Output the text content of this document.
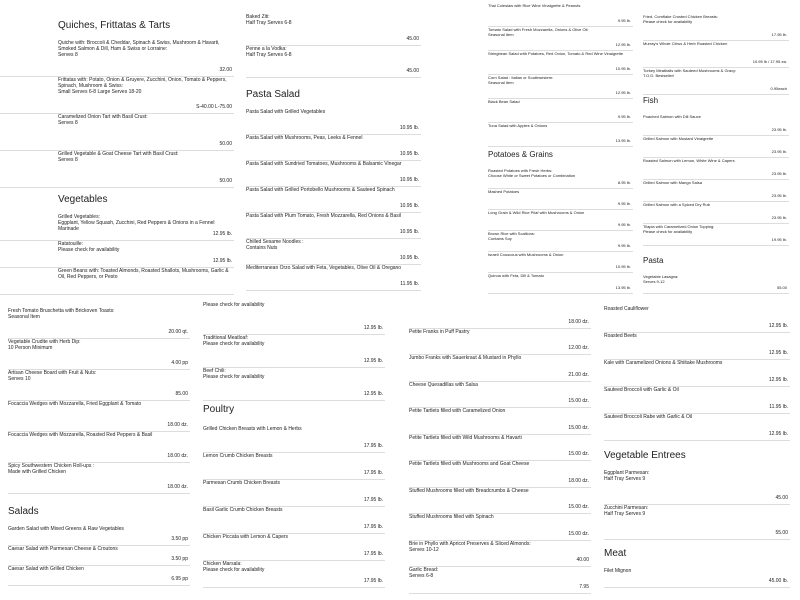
Quiches, Frittatas & Tarts
Quiche with: Broccoli & Cheddar, Spinach & Swiss, Mushroom & Havarti,
Smoked Salmon & Dill, Ham & Swiss or Lorraine:
Serves 8
32.00
Frittatas with: Potato, Onion & Gruyere, Zucchini, Onion, Tomato & Peppers,
Spinach, Mushroom & Swiss:
Small Serves 6-8 Large Serves 18-20
S-40.00 L-75.00
Caramelized Onion Tart with Basil Crust:
Serves 8
50.00
Grilled Vegetable & Goat Cheese Tart with Basil Crust:
Serves 8
50.00
Vegetables
Grilled Vegetables:
Eggplant, Yellow Squash, Zucchini, Red Peppers & Onions in a Fennel
Marinade
12.95 lb.
Ratatouille:
Please check for availability
12.95 lb.
Green Beans with: Toasted Almonds, Roasted Shallots, Mushrooms, Garlic &
Oil, Red Peppers, or Pesto
Baked Ziti:
Half Tray Serves 6-8
45.00
Penne a la Vodka:
Half Tray Serves 6-8
45.00
Pasta Salad
Pasta Salad with Grilled Vegetables
10.95 lb.
Pasta Salad with Mushrooms, Peas, Leeks & Fennel
10.95 lb.
Pasta Salad with Sundried Tomatoes, Mushrooms & Balsamic Vinegar
10.95 lb.
Pasta Salad with Grilled Portobello Mushrooms & Sauteed Spinach
10.95 lb.
Pasta Salad with Plum Tomato, Fresh Mozzarella, Red Onions & Basil
10.95 lb.
Chilled Sesame Noodles :
Contains Nuts
10.95 lb.
Mediterranean Orzo Salad with Feta, Vegetables, Olive Oil & Oregano
11.95 lb.
Thai Coleslaw with Rice Wine Vinaigrette & Peanuts
9.95 lb.
Tomato Salad with Fresh Mozzarella, Onions & Olive Oil:
Seasonal Item
12.95 lb.
Stringbean Salad with Potatoes, Red Onion, Tomato & Red Wine Vinaigrette
10.95 lb.
Corn Salad : Italian or Southwestern:
Seasonal Item
12.95 lb.
Black Bean Salad
9.95 lb.
Tuna Salad with Apples & Onions
13.95 lb.
Potatoes & Grains
Roasted Potatoes with Fresh Herbs:
Choose White or Sweet Potatoes or Combination
8.95 lb.
Mashed Potatoes
9.95 lb.
Long Grain & Wild Rice Pilaf with Mushrooms & Onion
9.95 lb.
Brown Rice with Scallions:
Contains Soy
9.95 lb.
Israeli Couscous with Mushrooms & Onion
10.95 lb.
Quinoa with Feta, Dill & Tomato
13.95 lb.
Fried, Cornflake Crusted Chicken Breasts:
Please check for availability
17.95 lb.
Murray's Whole Citrus & Herb Roasted Chicken
10.95 lb / 17.95 ea.
Turkey Meatballs with Sauteed Mushrooms & Gravy:
T.O.D. Bestseller!
0.95each
Fish
Poached Salmon with Dill Sauce
23.95 lb.
Grilled Salmon with Mustard Vinaigrette
23.95 lb.
Roasted Salmon with Lemon, White Wine & Capers
23.95 lb.
Grilled Salmon with Mango Salsa
23.95 lb.
Grilled Salmon with a Spiced Dry Rub
23.95 lb.
Tilapia with Caramelized Onion Topping:
Please check for availability
19.95 lb.
Pasta
Vegetable Lasagna:
Serves 9-12
55.00
Fresh Tomato Bruschetta with Brickoven Toasts:
Seasonal Item
20.00 qt.
Vegetable Crudite with Herb Dip:
10 Person Minimum
4.00 pp
Artisan Cheese Board with Fruit & Nuts:
Serves 10
85.00
Focaccia Wedges with Mozzarella, Fried Eggplant & Tomato
18.00 dz.
Focaccia Wedges with Mozzarella, Roasted Red Peppers & Basil
18.00 dz.
Spicy Southwestern Chicken Roll-ups :
Made with Grilled Chicken
18.00 dz.
Salads
Garden Salad with Mixed Greens & Raw Vegetables
3.50 pp
Caesar Salad with Parmesan Cheese & Croutons
3.50 pp
Caesar Salad with Grilled Chicken
6.95 pp
Please check for availability
12.95 lb.
Traditional Meatloaf:
Please check for availability
12.95 lb.
Beef Chili:
Please check for availability
12.95 lb.
Poultry
Grilled Chicken Breasts with Lemon & Herbs
17.95 lb.
Lemon Crumb Chicken Breasts
17.95 lb.
Parmesan Crumb Chicken Breasts
17.95 lb.
Basil Garlic Crumb Chicken Breasts
17.95 lb.
Chicken Piccata with Lemon & Capers
17.95 lb.
Chicken Marsala:
Please check for availability
17.95 lb.
18.00 dz.
Petite Franks in Puff Pastry
12.00 dz.
Jumbo Franks with Sauerkraut & Mustard in Phyllo
21.00 dz.
Cheese Quesadillas with Salsa
15.00 dz.
Petite Tartlets filled with Caramelized Onion
15.00 dz.
Petite Tartlets filled with Wild Mushrooms & Havarti
15.00 dz.
Petite Tartlets filled with Mushrooms and Goat Cheese
18.00 dz.
Stuffed Mushrooms filled with Breadcrumbs & Cheese
15.00 dz.
Stuffed Mushrooms filled with Spinach
15.00 dz.
Brie in Phyllo with Apricot Preserves & Sliced Almonds:
Serves 10-12
40.00
Garlic Bread:
Serves 6-8
7.95
Roasted Cauliflower
12.95 lb.
Roasted Beets
12.95 lb.
Kale with Caramelized Onions & Shiitake Mushrooms
12.95 lb.
Sauteed Broccoli with Garlic & Oil
11.95 lb.
Sauteed Broccoli Rabe with Garlic & Oil
12.95 lb.
Vegetable Entrees
Eggplant Parmesan:
Half Tray Serves 9
45.00
Zucchini Parmesan:
Half Tray Serves 9
55.00
Meat
Filet Mignon
45.00 lb.
